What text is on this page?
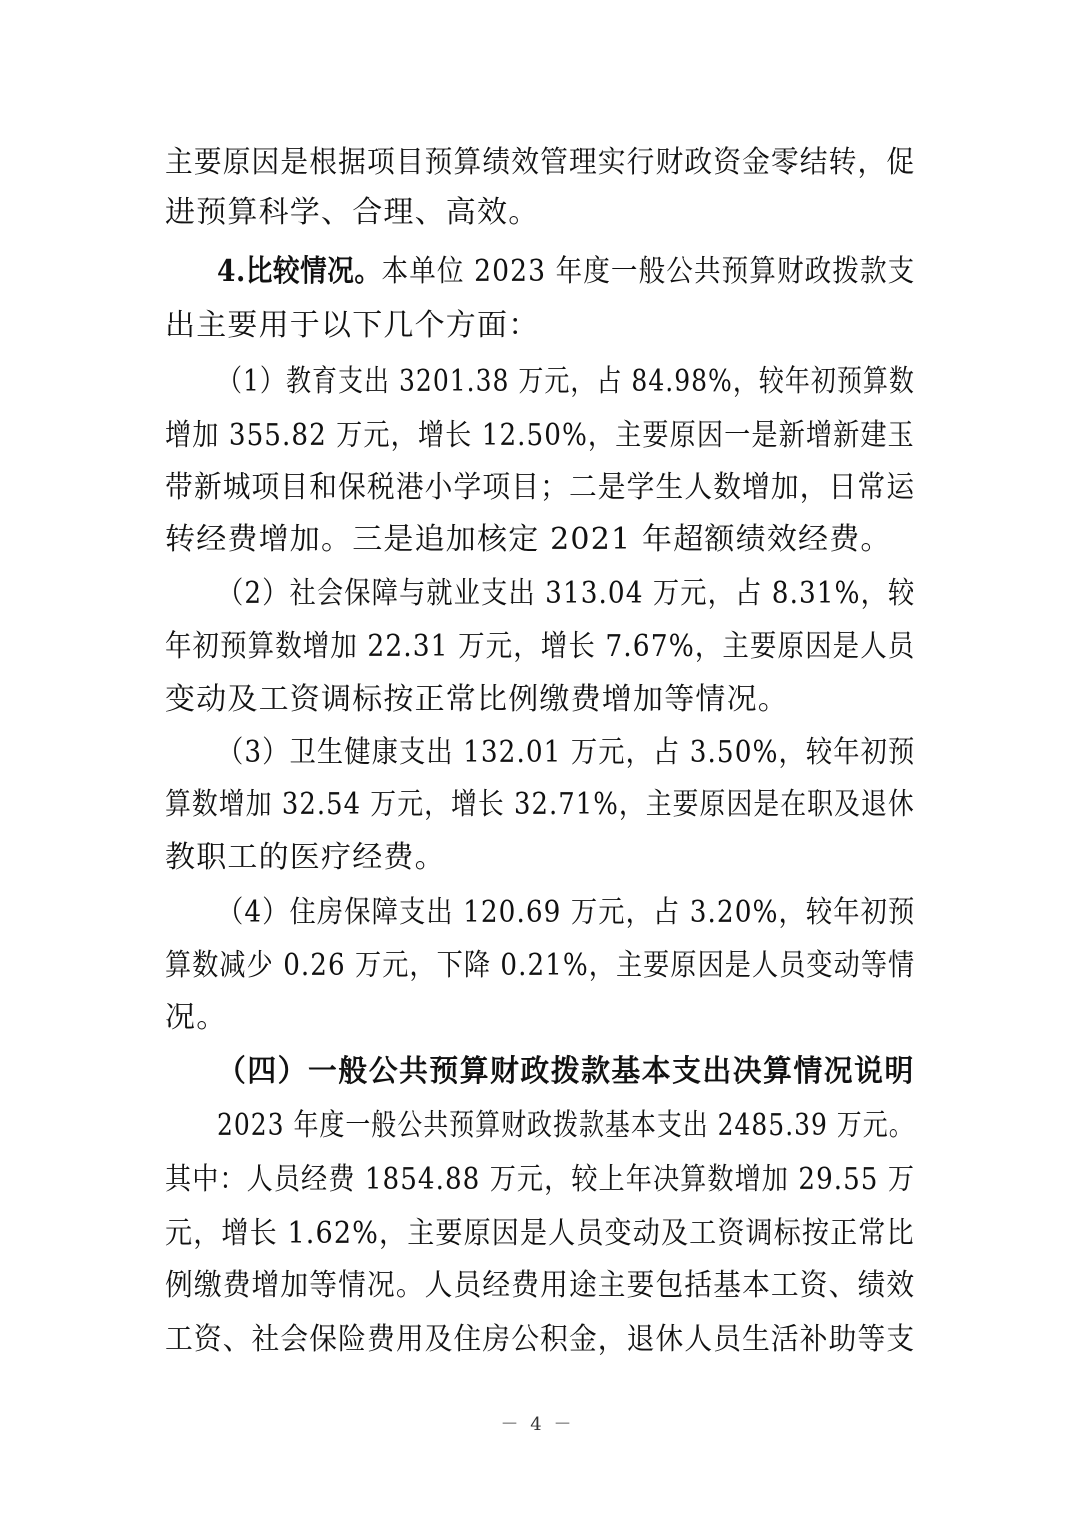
主要原因是根据项目预算绩效管理实行财政资金零结转，促
进预算科学、合理、高效。
4.比较情况。本单位 2023 年度一般公共预算财政拨款支
出主要用于以下几个方面：
（1）教育支出 3201.38 万元，占 84.98%，较年初预算数
增加 355.82 万元，增长 12.50%，主要原因一是新增新建玉
带新城项目和保税港小学项目；二是学生人数增加，日常运
转经费增加。三是追加核定 2021 年超额绩效经费。
（2）社会保障与就业支出 313.04 万元，占 8.31%，较
年初预算数增加 22.31 万元，增长 7.67%，主要原因是人员
变动及工资调标按正常比例缴费增加等情况。
（3）卫生健康支出 132.01 万元，占 3.50%，较年初预
算数增加 32.54 万元，增长 32.71%，主要原因是在职及退休
教职工的医疗经费。
（4）住房保障支出 120.69 万元，占 3.20%，较年初预
算数减少 0.26 万元，下降 0.21%，主要原因是人员变动等情
况。
（四）一般公共预算财政拨款基本支出决算情况说明
2023 年度一般公共预算财政拨款基本支出 2485.39 万元。
其中：人员经费 1854.88 万元，较上年决算数增加 29.55 万
元，增长 1.62%，主要原因是人员变动及工资调标按正常比
例缴费增加等情况。人员经费用途主要包括基本工资、绩效
工资、社会保险费用及住房公积金，退休人员生活补助等支
－ 4 －
